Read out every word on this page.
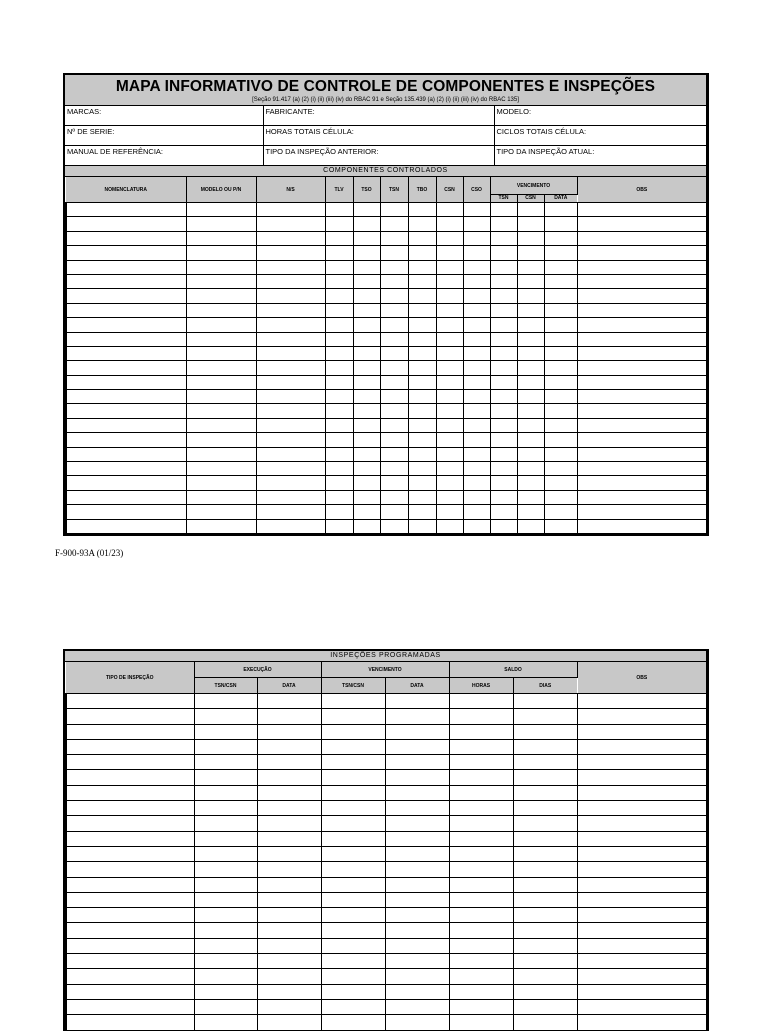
MAPA INFORMATIVO DE CONTROLE DE COMPONENTES E INSPEÇÕES
[Seção 91.417 (a) (2) (i) (ii) (iii) (iv) do RBAC 91 e Seção 135.439 (a) (2) (i) (ii) (iii) (iv) do RBAC 135]
MARCAS:	FABRICANTE:	MODELO:
Nº DE SERIE:	HORAS TOTAIS CÉLULA:	CICLOS TOTAIS CÉLULA:
MANUAL DE REFERÊNCIA:	TIPO DA INSPEÇÃO ANTERIOR:	TIPO DA INSPEÇÃO ATUAL:
COMPONENTES CONTROLADOS
NOMENCLATURA	MODELO OU P/N	N/S	TLV	TSO	TSN	TBO	CSN	CSO	VENCIMENTO			OBS
									TSN	CSN	DATA	

F-900-93A (01/23)
INSPEÇÕES PROGRAMADAS
TIPO DE INSPEÇÃO	EXECUÇÃO		VENCIMENTO		SALDO		OBS
	TSN/CSN	DATA	TSN/CSN	DATA	HORAS	DIAS	
